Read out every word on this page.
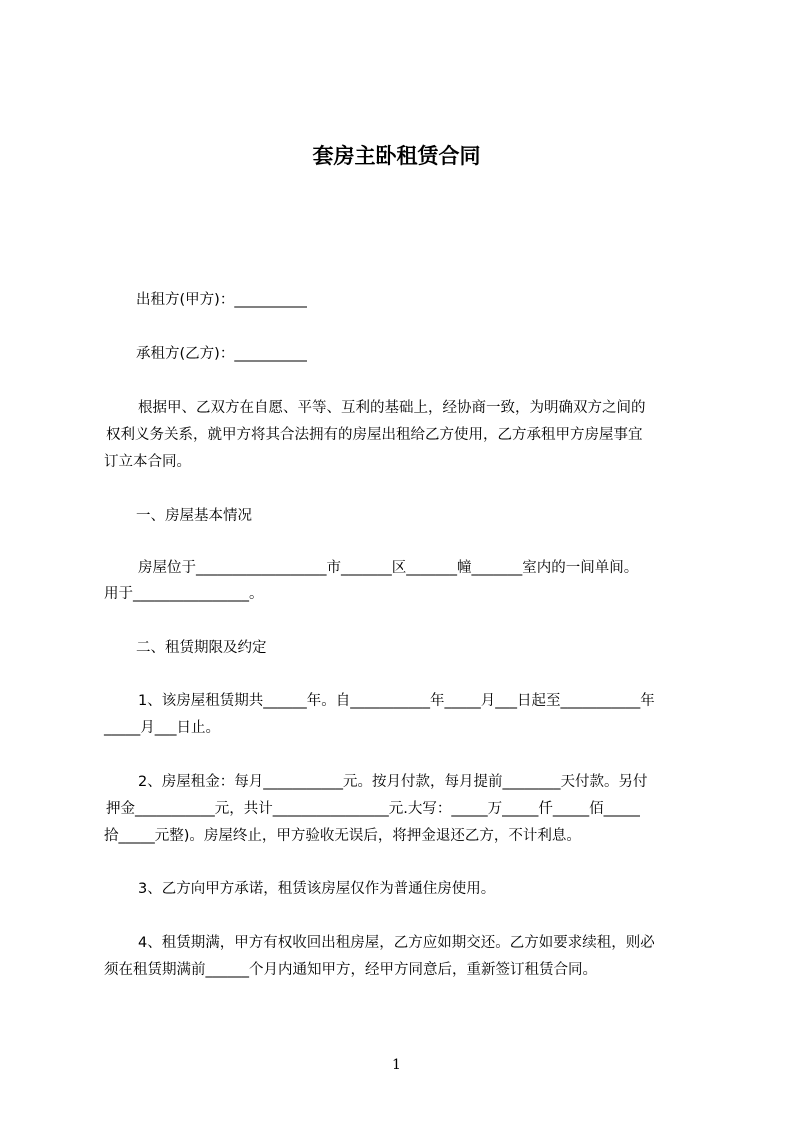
套房主卧租赁合同
出租方(甲方)：__________
承租方(乙方)：__________
根据甲、乙双方在自愿、平等、互利的基础上，经协商一致，为明确双方之间的
权利义务关系，就甲方将其合法拥有的房屋出租给乙方使用，乙方承租甲方房屋事宜
订立本合同。
一、房屋基本情况
房屋位于__________________市_______区_______幢_______室内的一间单间。
用于________________。
二、租赁期限及约定
1、该房屋租赁期共______年。自___________年_____月___日起至___________年
_____月___日止。
2、房屋租金：每月___________元。按月付款，每月提前________天付款。另付
押金___________元，共计________________元.大写：_____万_____仟_____佰_____
拾_____元整)。房屋终止，甲方验收无误后，将押金退还乙方，不计利息。
3、乙方向甲方承诺，租赁该房屋仅作为普通住房使用。
4、租赁期满，甲方有权收回出租房屋，乙方应如期交还。乙方如要求续租，则必
须在租赁期满前______个月内通知甲方，经甲方同意后，重新签订租赁合同。
1
